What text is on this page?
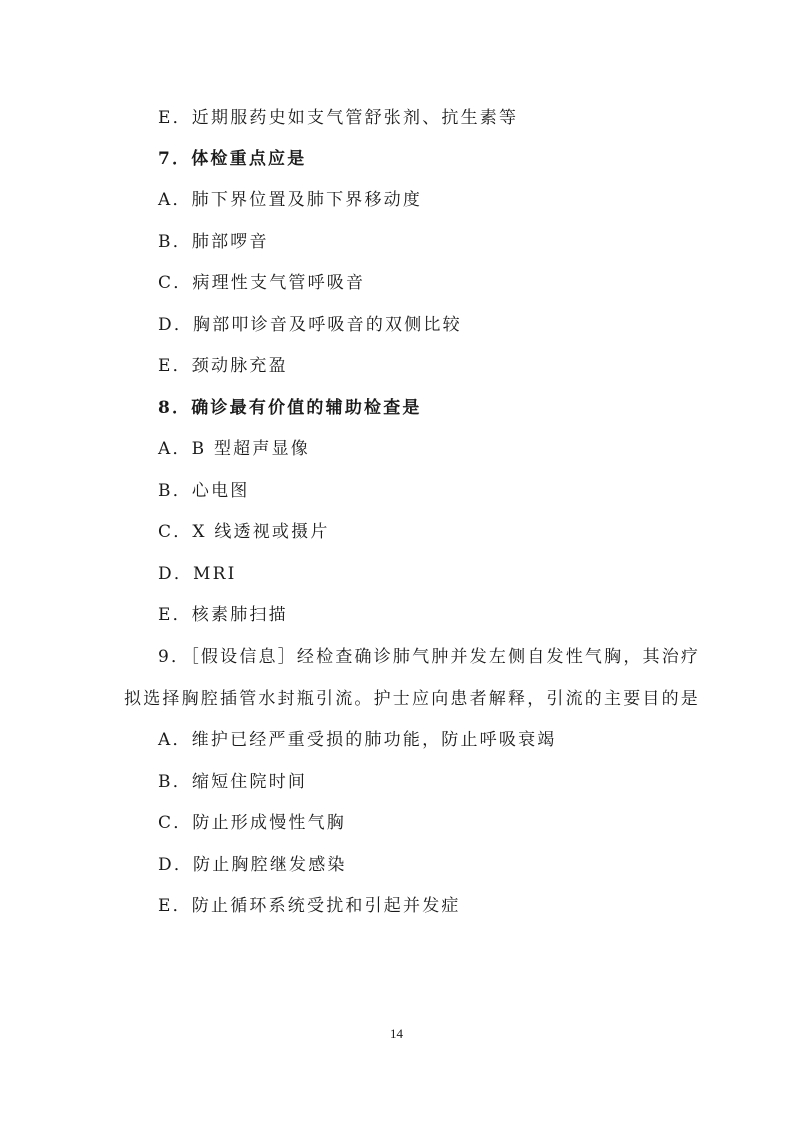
E．近期服药史如支气管舒张剂、抗生素等
7．体检重点应是
A．肺下界位置及肺下界移动度
B．肺部啰音
C．病理性支气管呼吸音
D．胸部叩诊音及呼吸音的双侧比较
E．颈动脉充盈
8．确诊最有价值的辅助检查是
A．B 型超声显像
B．心电图
C．X 线透视或摄片
D．MRI
E．核素肺扫描
9．［假设信息］经检查确诊肺气肿并发左侧自发性气胸，其治疗
拟选择胸腔插管水封瓶引流。护士应向患者解释，引流的主要目的是
A．维护已经严重受损的肺功能，防止呼吸衰竭
B．缩短住院时间
C．防止形成慢性气胸
D．防止胸腔继发感染
E．防止循环系统受扰和引起并发症
14
